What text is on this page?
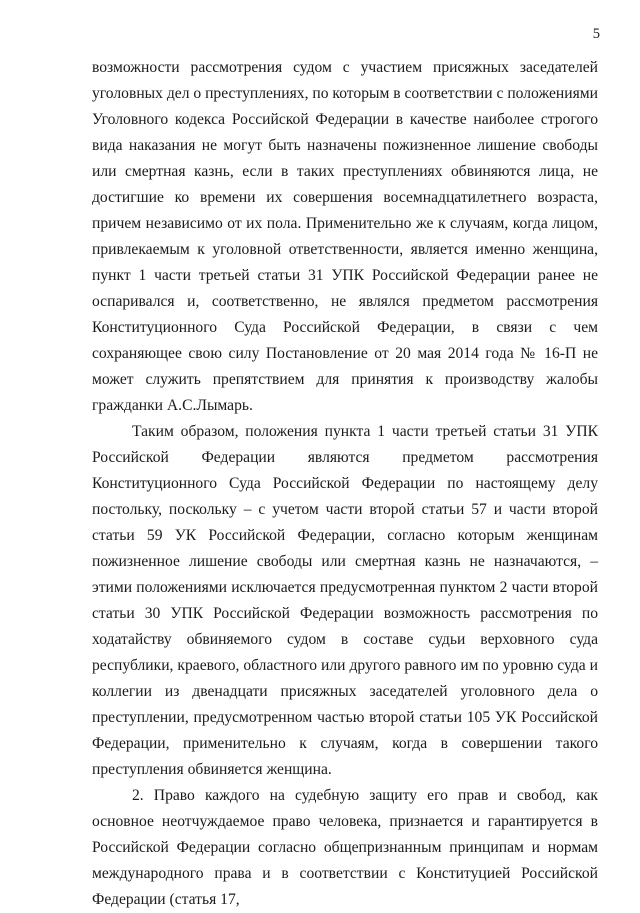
5

возможности рассмотрения судом с участием присяжных заседателей уголовных дел о преступлениях, по которым в соответствии с положениями Уголовного кодекса Российской Федерации в качестве наиболее строгого вида наказания не могут быть назначены пожизненное лишение свободы или смертная казнь, если в таких преступлениях обвиняются лица, не достигшие ко времени их совершения восемнадцатилетнего возраста, причем независимо от их пола. Применительно же к случаям, когда лицом, привлекаемым к уголовной ответственности, является именно женщина, пункт 1 части третьей статьи 31 УПК Российской Федерации ранее не оспаривался и, соответственно, не являлся предметом рассмотрения Конституционного Суда Российской Федерации, в связи с чем сохраняющее свою силу Постановление от 20 мая 2014 года № 16-П не может служить препятствием для принятия к производству жалобы гражданки А.С.Лымарь.

Таким образом, положения пункта 1 части третьей статьи 31 УПК Российской Федерации являются предметом рассмотрения Конституционного Суда Российской Федерации по настоящему делу постольку, поскольку – с учетом части второй статьи 57 и части второй статьи 59 УК Российской Федерации, согласно которым женщинам пожизненное лишение свободы или смертная казнь не назначаются, – этими положениями исключается предусмотренная пунктом 2 части второй статьи 30 УПК Российской Федерации возможность рассмотрения по ходатайству обвиняемого судом в составе судьи верховного суда республики, краевого, областного или другого равного им по уровню суда и коллегии из двенадцати присяжных заседателей уголовного дела о преступлении, предусмотренном частью второй статьи 105 УК Российской Федерации, применительно к случаям, когда в совершении такого преступления обвиняется женщина.

2. Право каждого на судебную защиту его прав и свобод, как основное неотчуждаемое право человека, признается и гарантируется в Российской Федерации согласно общепризнанным принципам и нормам международного права и в соответствии с Конституцией Российской Федерации (статья 17,
